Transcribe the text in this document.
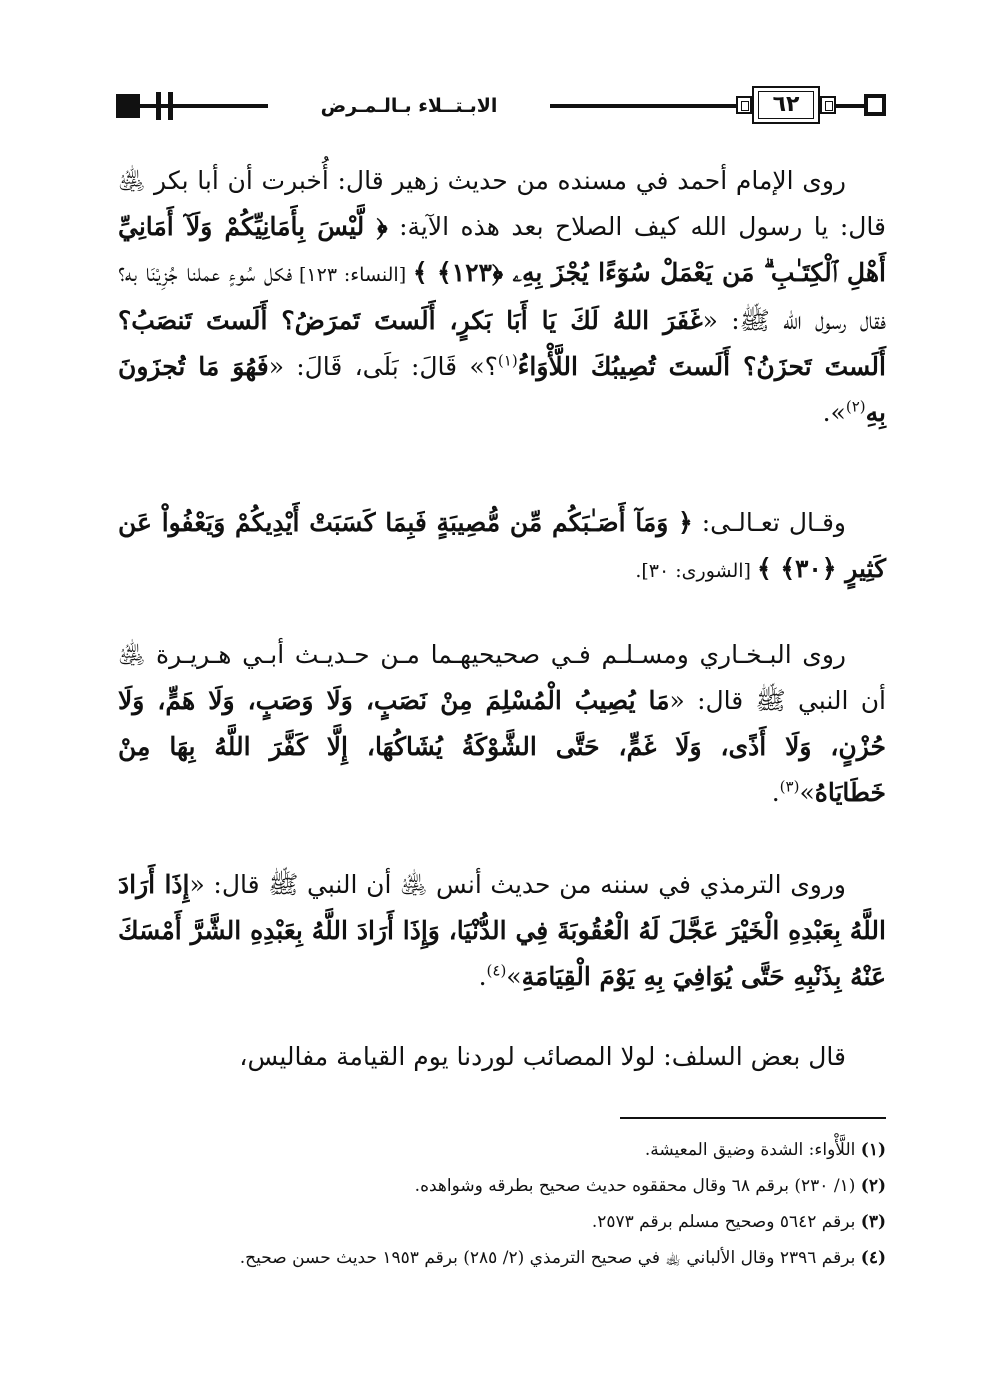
الابـتــلاء بـالـمـرض	٦٢

روى الإمام أحمد في مسنده من حديث زهير قال: أُخبرت أن أبا بكر ﵁ قال: يا رسول الله كيف الصلاح بعد هذه الآية: ﴿ لَّيْسَ بِأَمَانِيِّكُمْ وَلَآ أَمَانِيِّ أَهْلِ ٱلْكِتَـٰبِ ۗ مَن يَعْمَلْ سُوٓءًا يُجْزَ بِهِۦ ﴿١٢٣﴾ ﴾ [النساء: ١٢٣] فكل سُوءٍ عملنا جُزِيْنَا به؟ فقال رسول الله ﷺ: «غَفَرَ اللهُ لَكَ يَا أَبَا بَكرٍ، أَلَستَ تَمرَضُ؟ أَلَستَ تَنصَبُ؟ أَلَستَ تَحزَنُ؟ أَلَستَ تُصِيبُكَ اللَّأْوَاءُ$^{(١)}$؟» قَالَ: بَلَى، قَالَ: «فَهُوَ مَا تُجزَونَ بِهِ$^{(٢)}$».

وقـال تعـالـى: ﴿ وَمَآ أَصَـٰبَكُم مِّن مُّصِيبَةٍ فَبِمَا كَسَبَتْ أَيْدِيكُمْ وَيَعْفُواْ عَن كَثِيرٍ ﴿٣٠﴾ ﴾ [الشورى: ٣٠].

روى البـخـاري ومسـلـم فـي صحيحيهـما مـن حـديـث أبـي هـريـرة ﵁ أن النبي ﷺ قال: «مَا يُصِيبُ الْمُسْلِمَ مِنْ نَصَبٍ، وَلَا وَصَبٍ، وَلَا هَمٍّ، وَلَا حُزْنٍ، وَلَا أَذًى، وَلَا غَمٍّ، حَتَّى الشَّوْكَةُ يُشَاكُهَا، إِلَّا كَفَّرَ اللَّهُ بِهَا مِنْ خَطَايَاهُ»$^{(٣)}$.

وروى الترمذي في سننه من حديث أنس ﵁ أن النبي ﷺ قال: «إِذَا أَرَادَ اللَّهُ بِعَبْدِهِ الْخَيْرَ عَجَّلَ لَهُ الْعُقُوبَةَ فِي الدُّنْيَا، وَإِذَا أَرَادَ اللَّهُ بِعَبْدِهِ الشَّرَّ أَمْسَكَ عَنْهُ بِذَنْبِهِ حَتَّى يُوَافِيَ بِهِ يَوْمَ الْقِيَامَةِ»$^{(٤)}$.

قال بعض السلف: لولا المصائب لوردنا يوم القيامة مفاليس،

(١) اللَّأْواء: الشدة وضيق المعيشة.

(٢) (١/ ٢٣٠) برقم ٦٨ وقال محققوه حديث صحيح بطرقه وشواهده.

(٣) برقم ٥٦٤٢ وصحيح مسلم برقم ٢٥٧٣.

(٤) برقم ٢٣٩٦ وقال الألباني ﵀ في صحيح الترمذي (٢/ ٢٨٥) برقم ١٩٥٣ حديث حسن صحيح.
